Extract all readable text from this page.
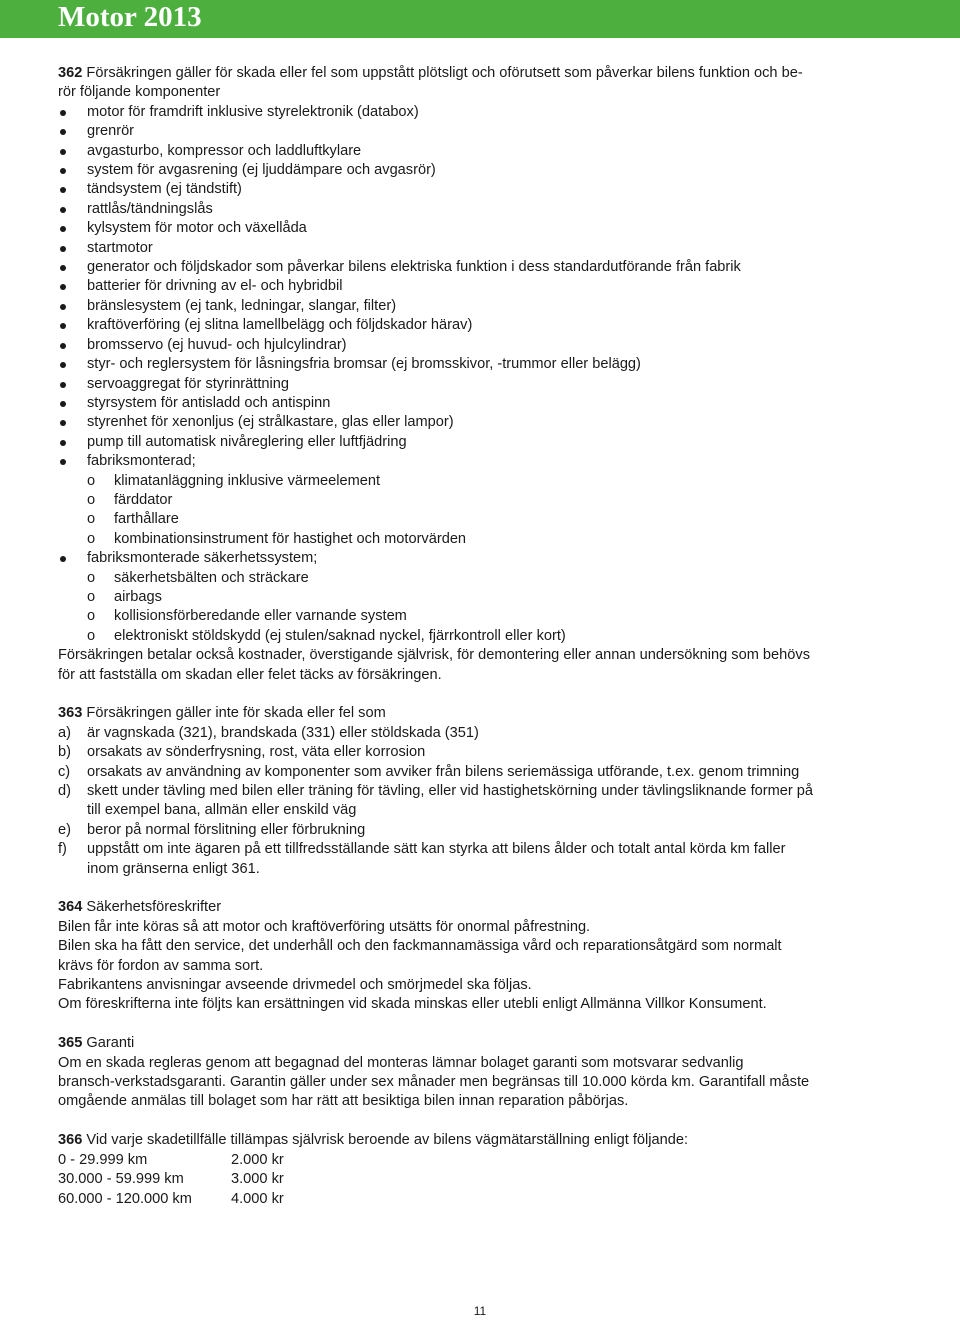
Motor 2013
362 Försäkringen gäller för skada eller fel som uppstått plötsligt och oförutsett som påverkar bilens funktion och be-
rör följande komponenter
motor för framdrift inklusive styrelektronik (databox)
grenrör
avgasturbo, kompressor och laddluftkylare
system för avgasrening (ej ljuddämpare och avgasrör)
tändsystem (ej tändstift)
rattlås/tändningslås
kylsystem för motor och växellåda
startmotor
generator och följdskador som påverkar bilens elektriska funktion i dess standardutförande från fabrik
batterier för drivning av el- och hybridbil
bränslesystem (ej tank, ledningar, slangar, filter)
kraftöverföring (ej slitna lamellbelägg och följdskador härav)
bromsservo (ej huvud- och hjulcylindrar)
styr- och reglersystem för låsningsfria bromsar (ej bromsskivor, -trummor eller belägg)
servoaggregat för styrinrättning
styrsystem för antisladd och antispinn
styrenhet för xenonljus (ej strålkastare, glas eller lampor)
pump till automatisk nivåreglering eller luftfjädring
fabriksmonterad;
o klimatanläggning inklusive värmeelement
o färddator
o farthållare
o kombinationsinstrument för hastighet och motorvärden
fabriksmonterade säkerhetssystem;
o säkerhetsbälten och sträckare
o airbags
o kollisionsförberedande eller varnande system
o elektroniskt stöldskydd (ej stulen/saknad nyckel, fjärrkontroll eller kort)
Försäkringen betalar också kostnader, överstigande självrisk, för demontering eller annan undersökning som behövs
för att fastställa om skadan eller felet täcks av försäkringen.
363 Försäkringen gäller inte för skada eller fel som
a) är vagnskada (321), brandskada (331) eller stöldskada (351)
b) orsakats av sönderfrysning, rost, väta eller korrosion
c) orsakats av användning av komponenter som avviker från bilens seriemässiga utförande, t.ex. genom trimning
d) skett under tävling med bilen eller träning för tävling, eller vid hastighetskörning under tävlingsliknande former på
till exempel bana, allmän eller enskild väg
e) beror på normal förslitning eller förbrukning
f) uppstått om inte ägaren på ett tillfredsställande sätt kan styrka att bilens ålder och totalt antal körda km faller
inom gränserna enligt 361.
364 Säkerhetsföreskrifter
Bilen får inte köras så att motor och kraftöverföring utsätts för onormal påfrestning.
Bilen ska ha fått den service, det underhåll och den fackmannamässiga vård och reparationsåtgärd som normalt
krävs för fordon av samma sort.
Fabrikantens anvisningar avseende drivmedel och smörjmedel ska följas.
Om föreskrifterna inte följts kan ersättningen vid skada minskas eller utebli enligt Allmänna Villkor Konsument.
365 Garanti
Om en skada regleras genom att begagnad del monteras lämnar bolaget garanti som motsvarar sedvanlig
bransch-verkstadsgaranti. Garantin gäller under sex månader men begränsas till 10.000 körda km. Garantifall måste
omgående anmälas till bolaget som har rätt att besiktiga bilen innan reparation påbörjas.
366 Vid varje skadetillfälle tillämpas självrisk beroende av bilens vägmätarställning enligt följande:
0 - 29.999 km	2.000 kr
30.000 - 59.999 km	3.000 kr
60.000 - 120.000 km	4.000 kr
11
